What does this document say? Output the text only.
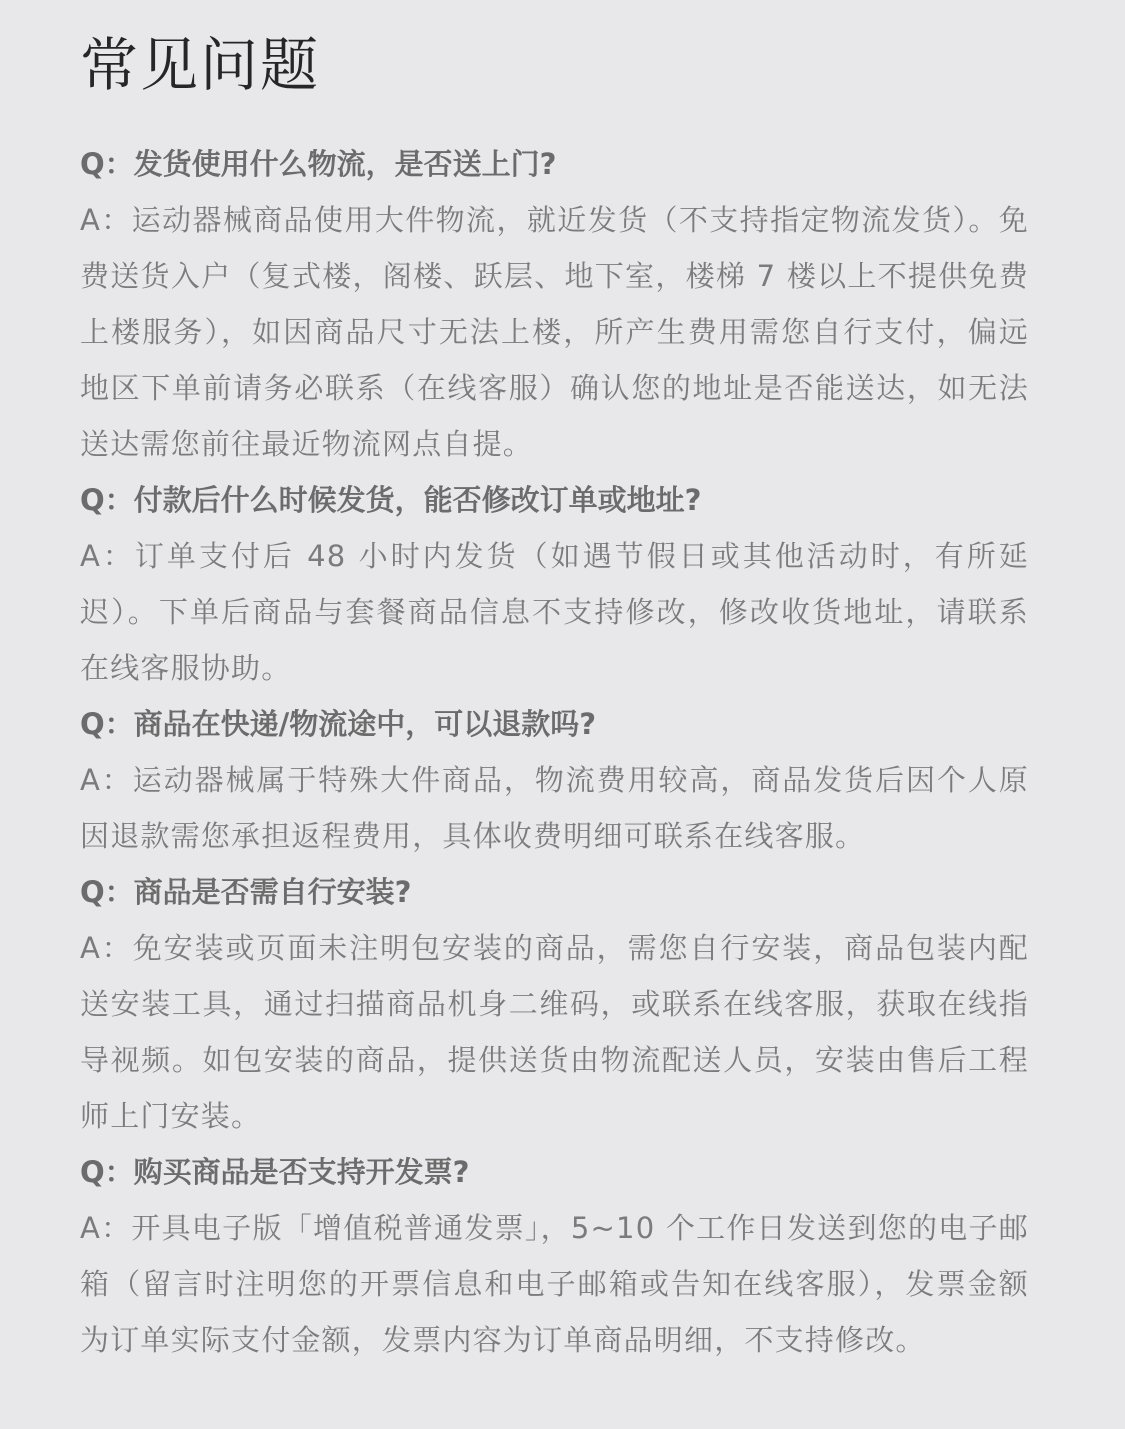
常见问题

Q：发货使用什么物流，是否送上门?

A：运动器械商品使用大件物流，就近发货（不支持指定物流发货）。免费送货入户（复式楼，阁楼、跃层、地下室，楼梯 7 楼以上不提供免费上楼服务），如因商品尺寸无法上楼，所产生费用需您自行支付，偏远地区下单前请务必联系（在线客服）确认您的地址是否能送达，如无法送达需您前往最近物流网点自提。

Q：付款后什么时候发货，能否修改订单或地址?

A：订单支付后 48 小时内发货（如遇节假日或其他活动时，有所延迟）。下单后商品与套餐商品信息不支持修改，修改收货地址，请联系在线客服协助。

Q：商品在快递/物流途中，可以退款吗?

A：运动器械属于特殊大件商品，物流费用较高，商品发货后因个人原因退款需您承担返程费用，具体收费明细可联系在线客服。

Q：商品是否需自行安装?

A：免安装或页面未注明包安装的商品，需您自行安装，商品包装内配送安装工具，通过扫描商品机身二维码，或联系在线客服，获取在线指导视频。如包安装的商品，提供送货由物流配送人员，安装由售后工程师上门安装。

Q：购买商品是否支持开发票?

A：开具电子版「增值税普通发票」，5~10 个工作日发送到您的电子邮箱（留言时注明您的开票信息和电子邮箱或告知在线客服），发票金额为订单实际支付金额，发票内容为订单商品明细，不支持修改。
